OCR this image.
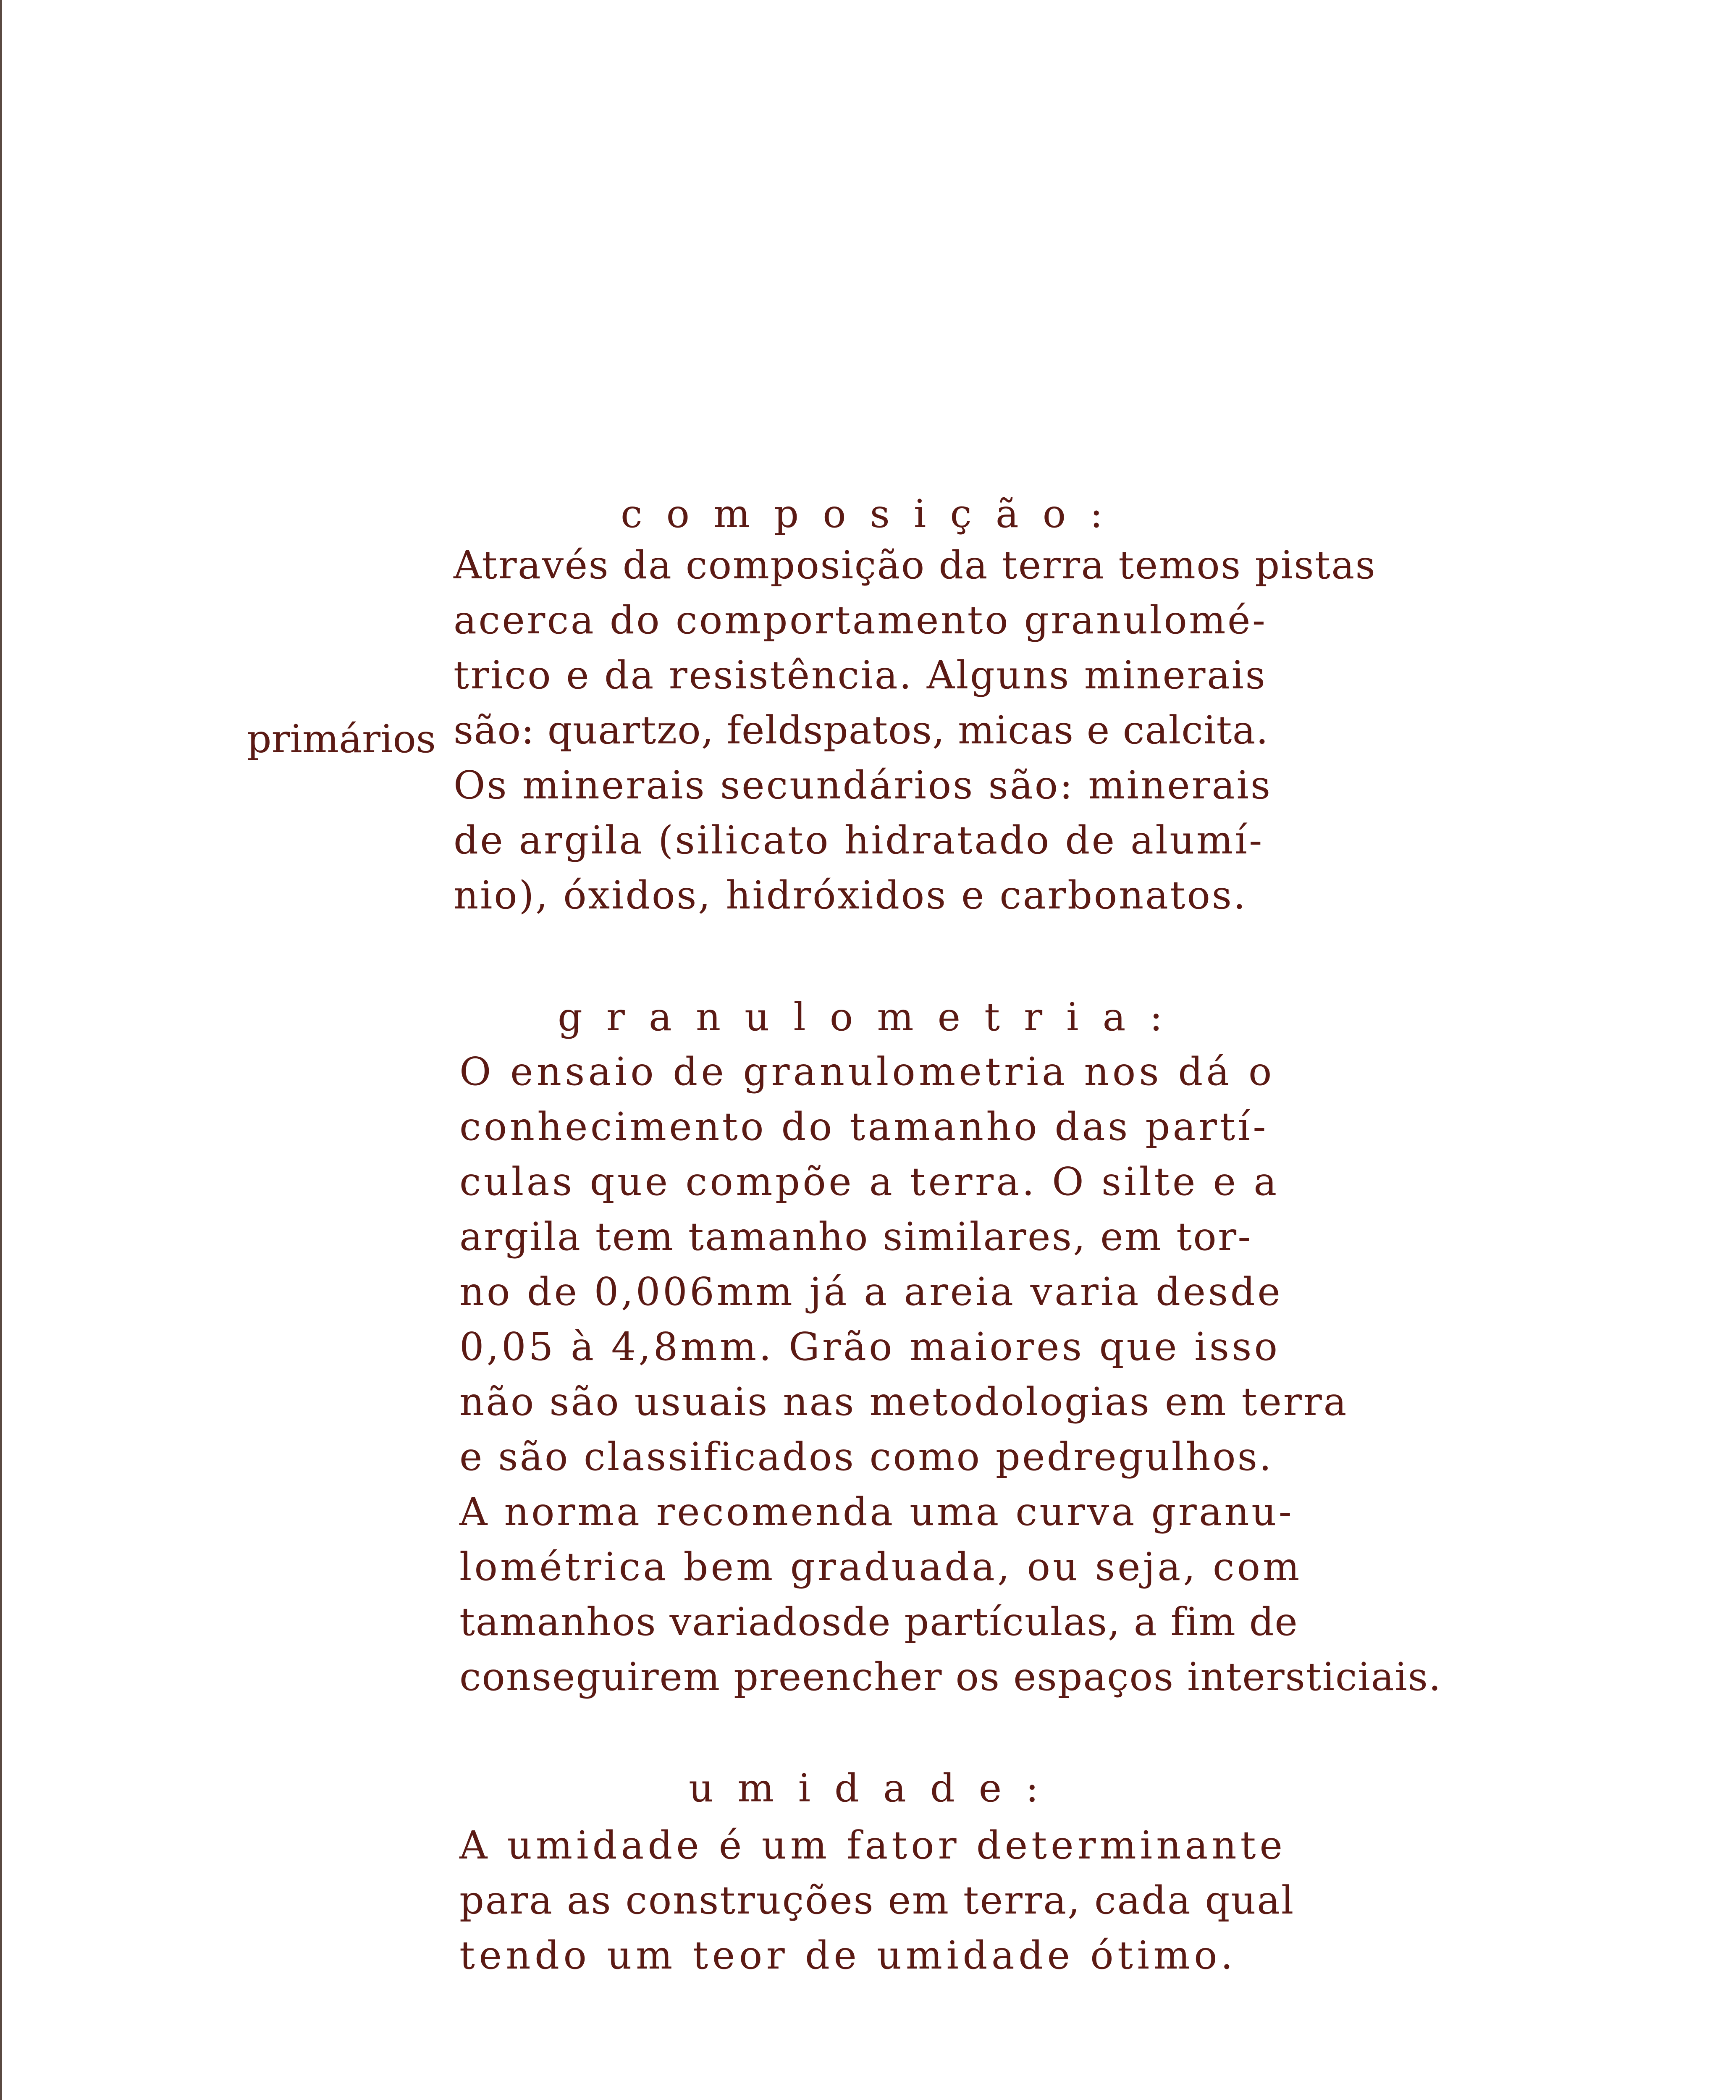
composição:
primários
Através da composição da terra temos pistas
acerca do comportamento granulomé-
trico e da resistência. Alguns minerais
são: quartzo, feldspatos, micas e calcita.
Os minerais secundários são: minerais
de argila (silicato hidratado de alumí-
nio), óxidos, hidróxidos e carbonatos.
granulometria:
O ensaio de granulometria nos dá o
conhecimento do tamanho das partí-
culas que compõe a terra. O silte e a
argila tem tamanho similares, em tor-
no de 0,006mm já a areia varia desde
0,05 à 4,8mm. Grão maiores que isso
não são usuais nas metodologias em terra
e são classificados como pedregulhos.
A norma recomenda uma curva granu-
lométrica bem graduada, ou seja, com
tamanhos variadosde partículas, a fim de
conseguirem preencher os espaços intersticiais.
umidade:
A umidade é um fator determinante
para as construções em terra, cada qual
tendo um teor de umidade ótimo.
